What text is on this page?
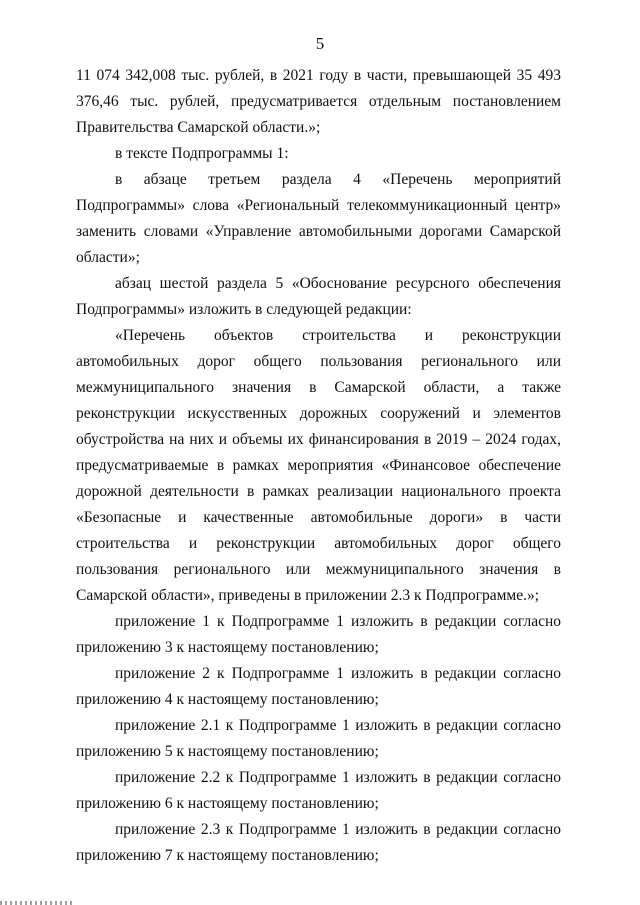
5

11 074 342,008 тыс. рублей, в 2021 году в части, превышающей 35 493 376,46 тыс. рублей, предусматривается отдельным постановлением Правительства Самарской области.»;

в тексте Подпрограммы 1:

в абзаце третьем раздела 4 «Перечень мероприятий Подпрограммы» слова «Региональный телекоммуникационный центр» заменить словами «Управление автомобильными дорогами Самарской области»;

абзац шестой раздела 5 «Обоснование ресурсного обеспечения Подпрограммы» изложить в следующей редакции:

«Перечень объектов строительства и реконструкции автомобильных дорог общего пользования регионального или межмуниципального значения в Самарской области, а также реконструкции искусственных дорожных сооружений и элементов обустройства на них и объемы их финансирования в 2019 – 2024 годах, предусматриваемые в рамках мероприятия «Финансовое обеспечение дорожной деятельности в рамках реализации национального проекта «Безопасные и качественные автомобильные дороги» в части строительства и реконструкции автомобильных дорог общего пользования регионального или межмуниципального значения в Самарской области», приведены в приложении 2.3 к Подпрограмме.»;

приложение 1 к Подпрограмме 1 изложить в редакции согласно приложению 3 к настоящему постановлению;

приложение 2 к Подпрограмме 1 изложить в редакции согласно приложению 4 к настоящему постановлению;

приложение 2.1 к Подпрограмме 1 изложить в редакции согласно приложению 5 к настоящему постановлению;

приложение 2.2 к Подпрограмме 1 изложить в редакции согласно приложению 6 к настоящему постановлению;

приложение 2.3 к Подпрограмме 1 изложить в редакции согласно приложению 7 к настоящему постановлению;
